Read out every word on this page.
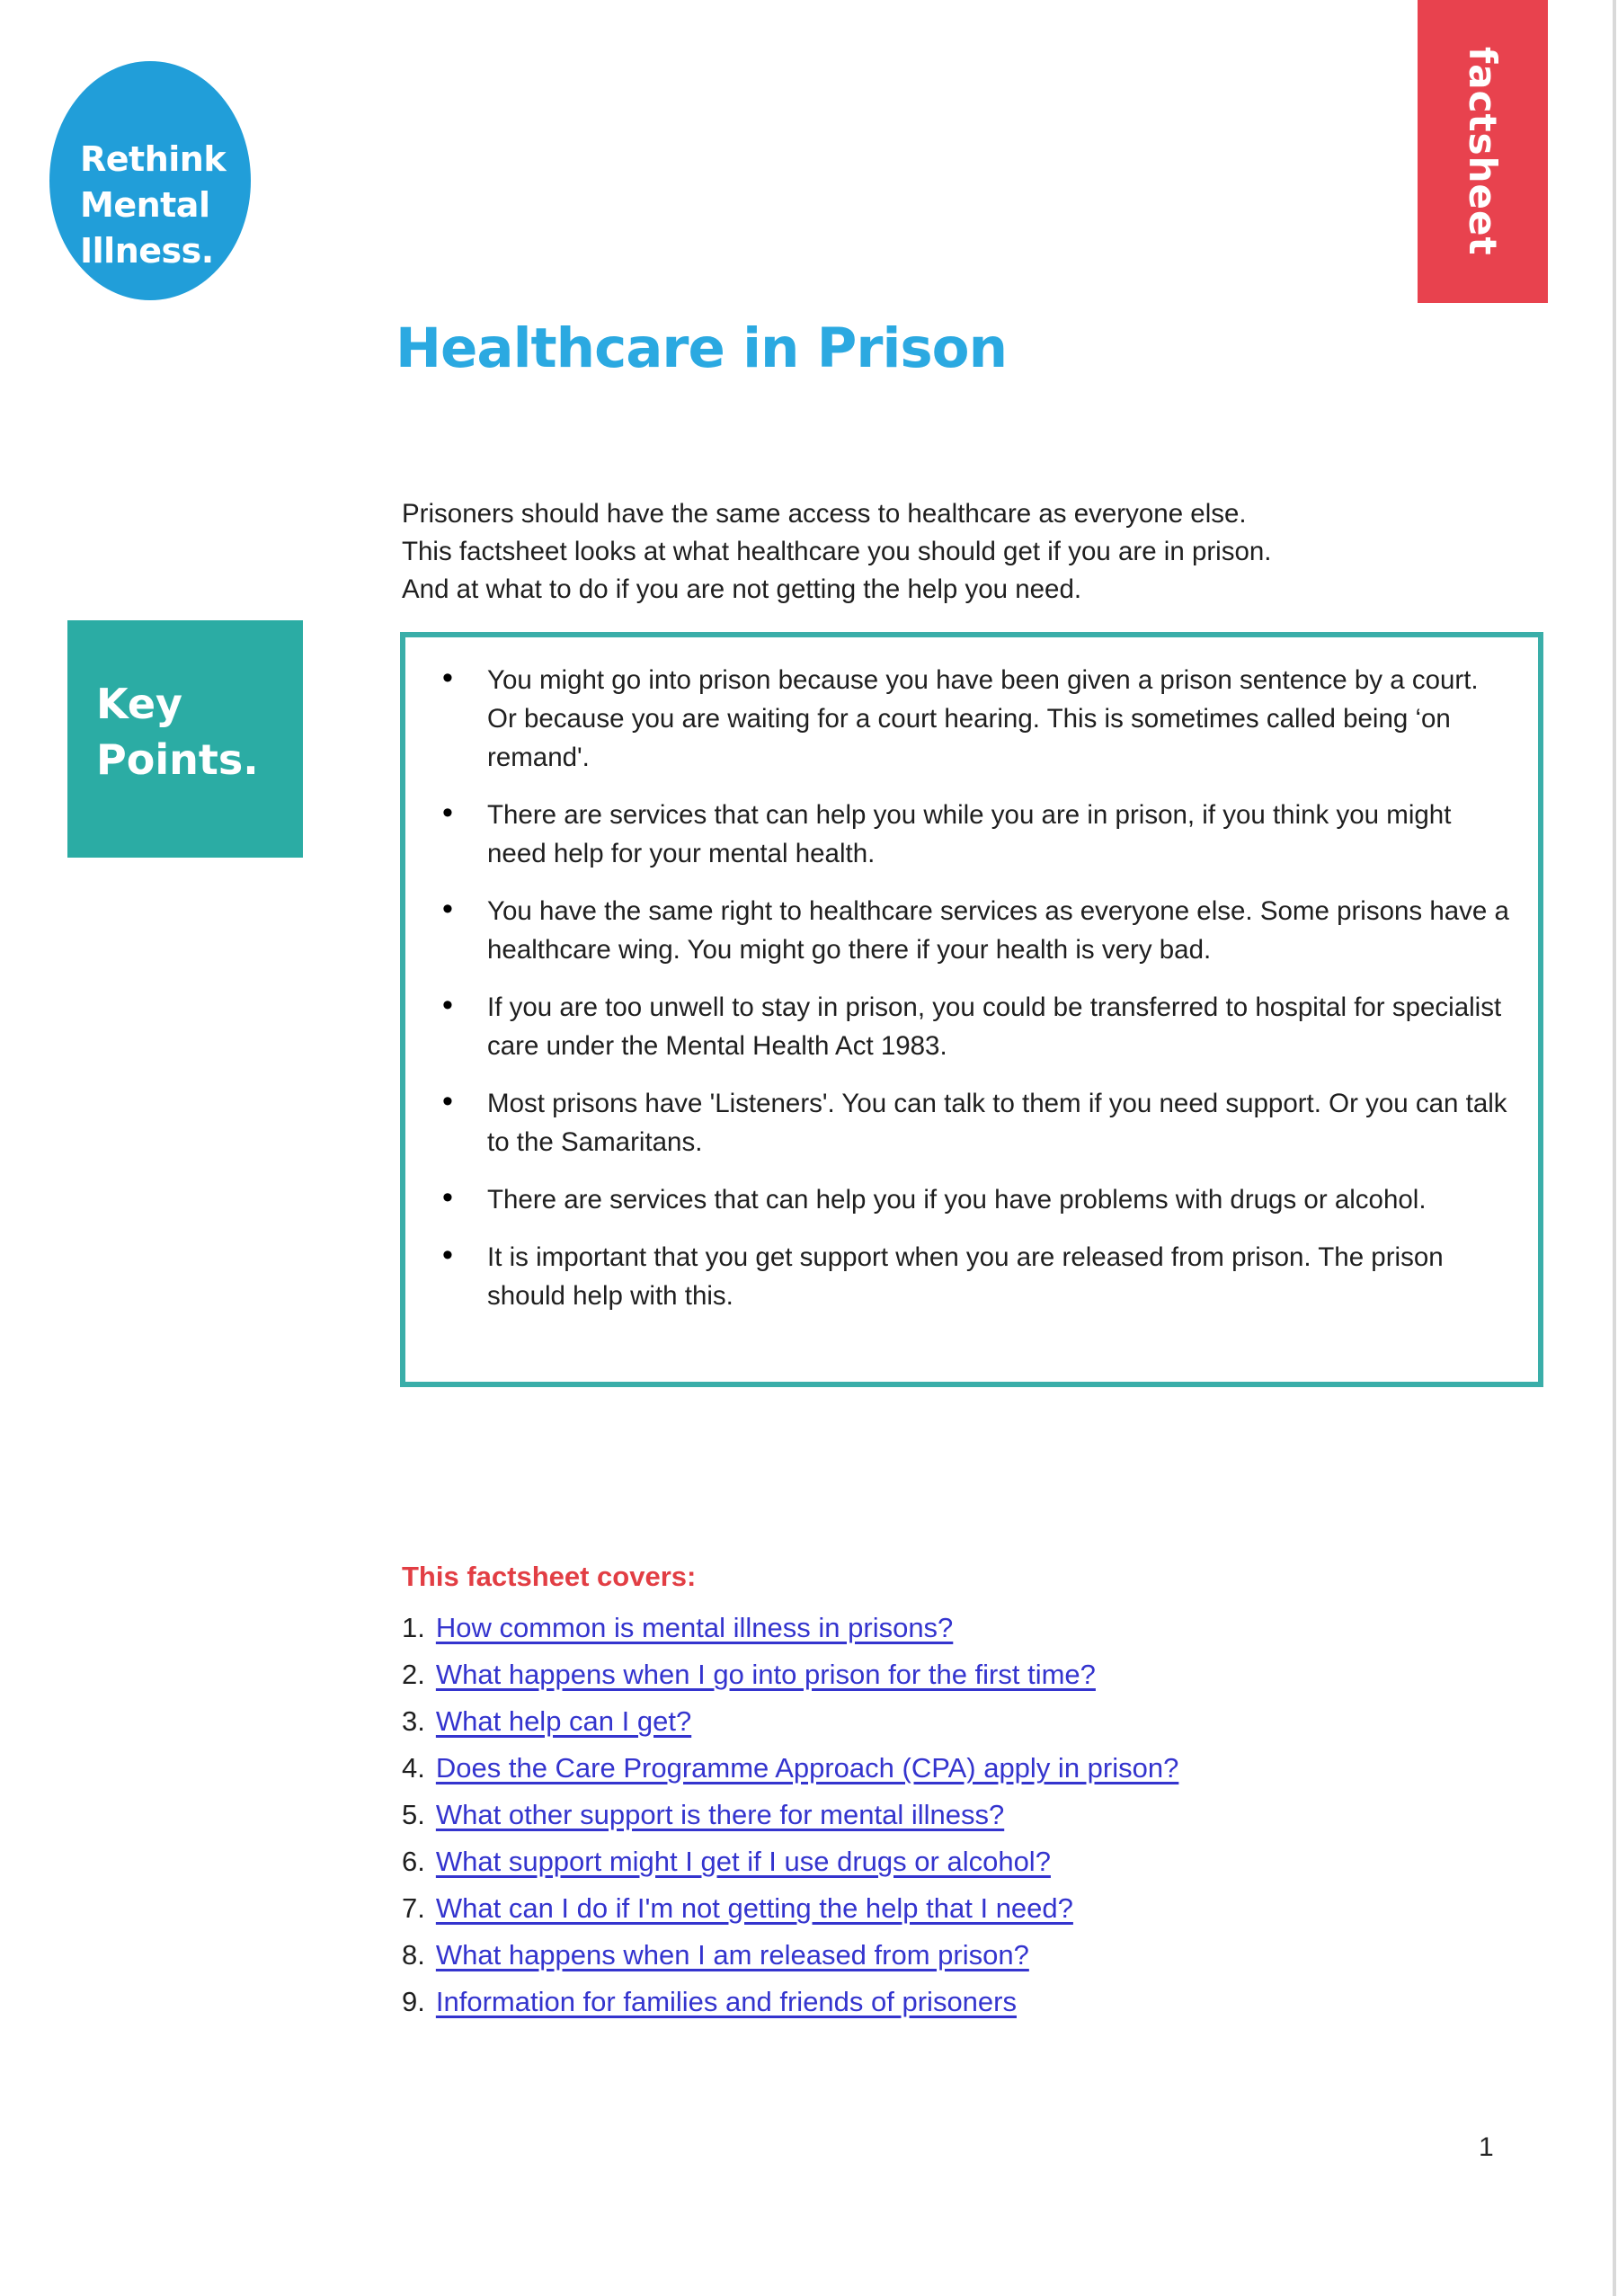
Rethink
Mental
Illness.	factsheet
Healthcare in Prison
Prisoners should have the same access to healthcare as everyone else.
This factsheet looks at what healthcare you should get if you are in prison.
And at what to do if you are not getting the help you need.
Key
Points.
• You might go into prison because you have been given a prison sentence by a court. Or because you are waiting for a court hearing. This is sometimes called being ‘on remand'.
• There are services that can help you while you are in prison, if you think you might need help for your mental health.
• You have the same right to healthcare services as everyone else. Some prisons have a healthcare wing. You might go there if your health is very bad.
• If you are too unwell to stay in prison, you could be transferred to hospital for specialist care under the Mental Health Act 1983.
• Most prisons have 'Listeners'. You can talk to them if you need support. Or you can talk to the Samaritans.
• There are services that can help you if you have problems with drugs or alcohol.
• It is important that you get support when you are released from prison. The prison should help with this.
This factsheet covers:
1. How common is mental illness in prisons?
2. What happens when I go into prison for the first time?
3. What help can I get?
4. Does the Care Programme Approach (CPA) apply in prison?
5. What other support is there for mental illness?
6. What support might I get if I use drugs or alcohol?
7. What can I do if I'm not getting the help that I need?
8. What happens when I am released from prison?
9. Information for families and friends of prisoners
1
